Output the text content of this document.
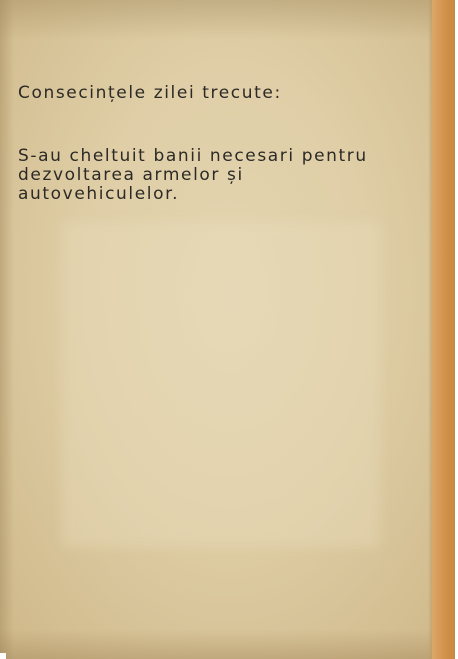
Consecințele zilei trecute:

S-au cheltuit banii necesari pentru
dezvoltarea armelor și
autovehiculelor.
